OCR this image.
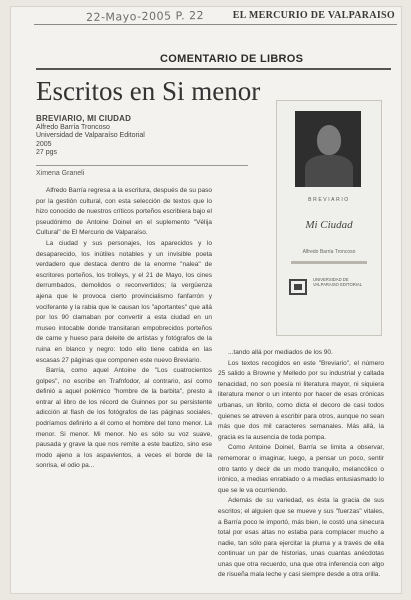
22-Mayo-2005 P. 22	EL MERCURIO DE VALPARAISO
COMENTARIO DE LIBROS
Escritos en Si menor
BREVIARIO, MI CIUDAD
Alfredo Barría Troncoso
Universidad de Valparaíso Editorial
2005
27 pgs
Ximena Graneli

Alfredo Barría regresa a la escritura, después de su paso por la gestión cultural, con esta selección de textos que lo hizo conocido de nuestros críticos porteños escribiera bajo el pseudónimo de Antoine Doinel en el suplemento "Vélija Cultural" de El Mercurio de Valparaíso.

La ciudad y sus personajes, los aparecidos y lo desaparecido, los inútiles notables y un invisible poeta verdadero que destaca dentro de la enorme "nalea" de escritores porteños, los trolleys, y el 21 de Mayo, los cines derrumbados, demolidos o reconvertidos; la vergüenza ajena que le provoca cierto provincialismo fanfarrón y vociferante y la rabia que le causan los "aportantes" que allá por los 90 clamaban por convertir a esta ciudad en un museo intocable donde transitaran empobrecidos porteños de carne y hueso para deleite de artistas y fotógrafos de la ruina en blanco y negro: todo ello tiene cabida en las escasas 27 páginas que componen este nuevo Breviario.

Barría, como aquel Antoine de "Los cuatrocientos golpes", no escribe en Trafnfodor, al contrario, así como definió a aquel polémico "hombre de la barbita", presto a entrar al libro de los récord de Guinnes por su persistente adicción al flash de los fotógrafos de las páginas sociales, podríamos definirlo a él como el hombre del tono menor. La menor. Si menor. Mi menor. No es sólo su voz suave, pausada y grave la que nos remite a este bautizo, sino ese modo ajeno a los aspavientos, a veces el borde de la sonrisa, el odio pa...

...tando allá por mediados de los 90.

Los textos recogidos en este "Breviario", el número 25 salido a Browne y Melledo por su industrial y callada tenacidad, no son poesía ni literatura mayor, ni siquiera literatura menor o un intento por hacer de esas crónicas urbanas, un librito, como dicta el decoro de casi todos quienes se atreven a escribir para otros, aunque no sean más que dos mil caracteres semanales. Más allá, la gracia es la ausencia de toda pompa.

Como Antoine Doinel, Barría se limita a observar, rememorar o imaginar, luego, a pensar un poco, sentir otro tanto y decir de un modo tranquilo, melancólico o irónico, a medias enrabiado o a medias entusiasmado lo que se le va ocurriendo.

Además de su variedad, es ésta la gracia de sus escritos; el alguien que se mueve y sus "fuerzas" vitales, a Barría poco le importó, más bien, le costó una sinecura total por esas altas no estaba para complacer mucho a nadie, tan sólo para ejercitar la pluma y a través de ella continuar un par de historias, unas cuantas anécdotas unas que otra recuerdo, una que otra inferencia con algo de risueña mala leche y casi siempre desde a otra orilla.

BREVIARIO
Mi Ciudad
Alfredo Barría Troncoso
UNIVERSIDAD DE VALPARAISO EDITORIAL
